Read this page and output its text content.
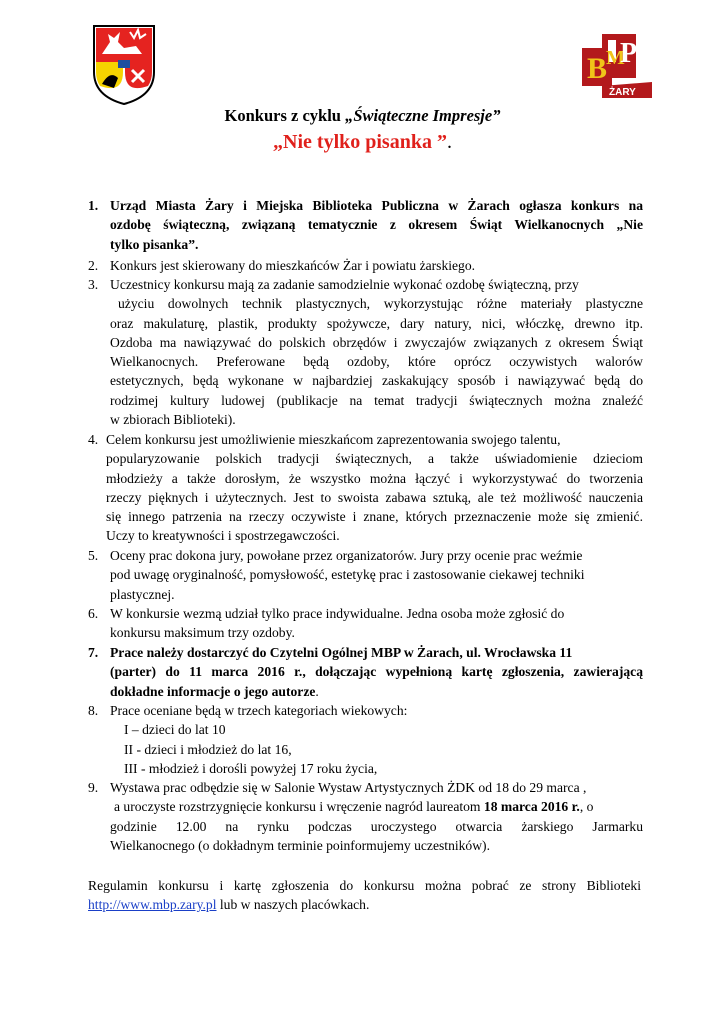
B
M
P
ŻARY
Konkurs z cyklu „Świąteczne Impresje”
„Nie tylko pisanka ”.
1. Urząd Miasta Żary i Miejska Biblioteka Publiczna w Żarach ogłasza konkurs na
ozdobę świąteczną, związaną tematycznie z okresem Świąt Wielkanocnych „Nie
tylko pisanka”.
2. Konkurs jest skierowany do mieszkańców Żar i powiatu żarskiego.
3. Uczestnicy konkursu mają za zadanie samodzielnie wykonać ozdobę świąteczną, przy
użyciu dowolnych technik plastycznych, wykorzystując różne materiały plastyczne
oraz makulaturę, plastik, produkty spożywcze, dary natury, nici, włóczkę, drewno itp.
Ozdoba ma nawiązywać do polskich obrzędów i zwyczajów związanych z okresem Świąt
Wielkanocnych. Preferowane będą ozdoby, które oprócz oczywistych walorów
estetycznych, będą wykonane w najbardziej zaskakujący sposób i nawiązywać będą do
rodzimej kultury ludowej (publikacje na temat tradycji świątecznych można znaleźć
w zbiorach Biblioteki).
4. Celem konkursu jest umożliwienie mieszkańcom zaprezentowania swojego talentu,
popularyzowanie polskich tradycji świątecznych, a także uświadomienie dzieciom
młodzieży a także dorosłym, że wszystko można łączyć i wykorzystywać do tworzenia
rzeczy pięknych i użytecznych. Jest to swoista zabawa sztuką, ale też możliwość nauczenia
się innego patrzenia na rzeczy oczywiste i znane, których przeznaczenie może się zmienić.
Uczy to kreatywności i spostrzegawczości.
5. Oceny prac dokona jury, powołane przez organizatorów. Jury przy ocenie prac weźmie
pod uwagę oryginalność, pomysłowość, estetykę prac i zastosowanie ciekawej techniki
plastycznej.
6. W konkursie wezmą udział tylko prace indywidualne. Jedna osoba może zgłosić do
konkursu maksimum trzy ozdoby.
7. Prace należy dostarczyć do Czytelni Ogólnej MBP w Żarach, ul. Wrocławska 11
(parter) do 11 marca 2016 r., dołączając wypełnioną kartę zgłoszenia, zawierającą
dokładne informacje o jego autorze.
8. Prace oceniane będą w trzech kategoriach wiekowych:
I – dzieci do lat 10
II - dzieci i młodzież do lat 16,
III - młodzież i dorośli powyżej 17 roku życia,
9. Wystawa prac odbędzie się w Salonie Wystaw Artystycznych ŻDK od 18 do 29 marca ,
a uroczyste rozstrzygnięcie konkursu i wręczenie nagród laureatom 18 marca 2016 r., o
godzinie 12.00 na rynku podczas uroczystego otwarcia żarskiego Jarmarku
Wielkanocnego (o dokładnym terminie poinformujemy uczestników).
Regulamin konkursu i kartę zgłoszenia do konkursu można pobrać ze strony Biblioteki
http://www.mbp.zary.pl lub w naszych placówkach.
